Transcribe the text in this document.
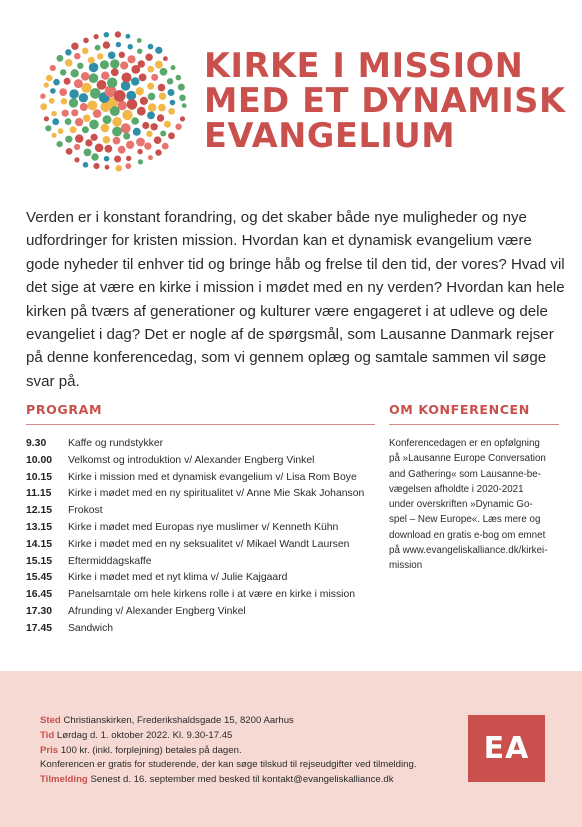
KIRKE I MISSION
MED ET DYNAMISK
EVANGELIUM

Verden er i konstant forandring, og det skaber både nye muligheder og nye udfordringer for kristen mission. Hvordan kan et dynamisk evangelium være gode nyheder til enhver tid og bringe håb og frelse til den tid, der vores? Hvad vil det sige at være en kirke i mission i mødet med en ny verden? Hvordan kan hele kirken på tværs af generationer og kulturer være engageret i at udleve og dele evangeliet i dag? Det er nogle af de spørgsmål, som Lausanne Danmark rejser på denne konferencedag, som vi gennem oplæg og samtale sammen vil søge svar på.

PROGRAM
9.30	Kaffe og rundstykker
10.00	Velkomst og introduktion v/ Alexander Engberg Vinkel
10.15	Kirke i mission med et dynamisk evangelium v/ Lisa Rom Boye
11.15	Kirke i mødet med en ny spiritualitet v/ Anne Mie Skak Johanson
12.15	Frokost
13.15	Kirke i mødet med Europas nye muslimer v/ Kenneth Kühn
14.15	Kirke i mødet med en ny seksualitet v/ Mikael Wandt Laursen
15.15	Eftermiddagskaffe
15.45	Kirke i mødet med et nyt klima v/ Julie Kajgaard
16.45	Panelsamtale om hele kirkens rolle i at være en kirke i mission
17.30	Afrunding v/ Alexander Engberg Vinkel
17.45	Sandwich
OM KONFERENCEN
Konferencedagen er en opfølgning
på »Lausanne Europe Conversation
and Gathering« som Lausanne-be-
vægelsen afholdte i 2020-2021
under overskriften »Dynamic Go-
spel – New Europe«. Læs mere og
download en gratis e-bog om emnet
på www.evangeliskalliance.dk/kirkei-
mission
Sted Christianskirken, Frederikshaldsgade 15, 8200 Aarhus
Tid Lørdag d. 1. oktober 2022. Kl. 9.30-17.45
Pris 100 kr. (inkl. forplejning) betales på dagen.
Konferencen er gratis for studerende, der kan søge tilskud til rejseudgifter ved tilmelding.
Tilmelding Senest d. 16. september med besked til kontakt@evangeliskalliance.dk
EA
